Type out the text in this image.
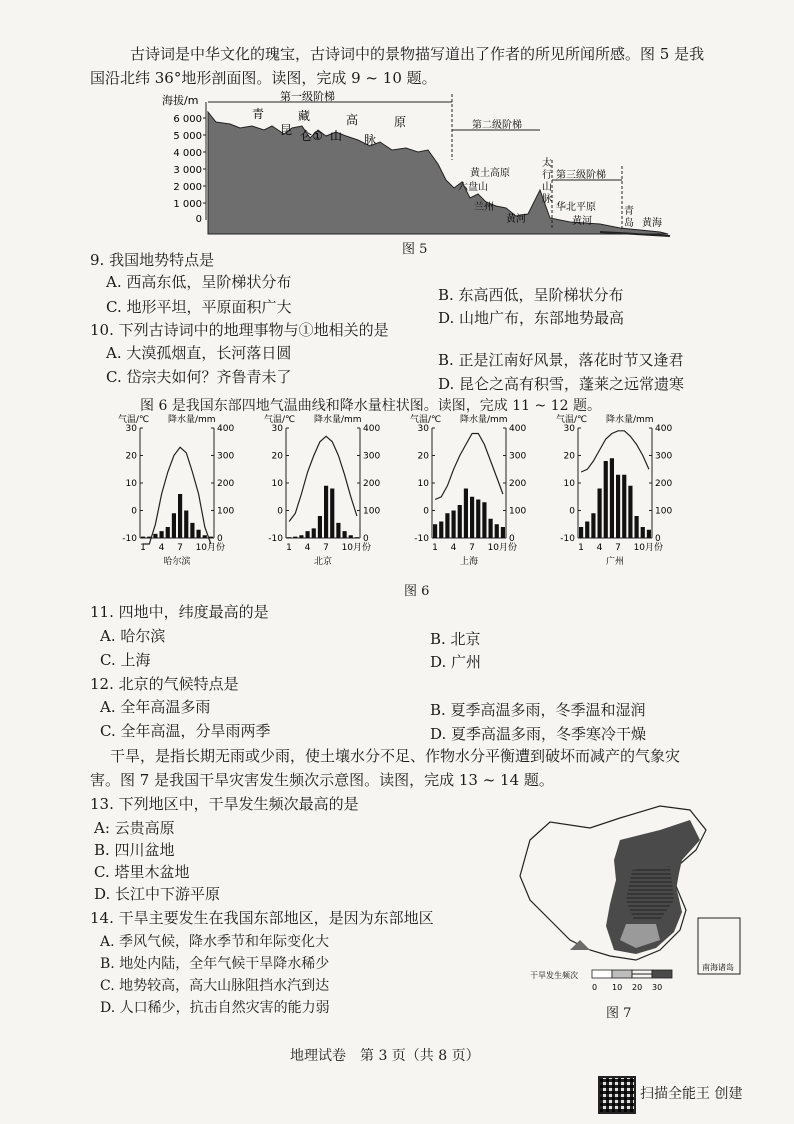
古诗词是中华文化的瑰宝，古诗词中的景物描写道出了作者的所见所闻所感。图 5 是我
国沿北纬 36°地形剖面图。读图，完成 9 ~ 10 题。
海拔/m
6 000
5 000
4 000
3 000
2 000
1 000
0
第一级阶梯
第二级阶梯
第三级阶梯
青	藏	高	原
昆 仑 ① 山 脉
黄土高原
六盘山
兰州
黄河
太
行
山
脉
华北平原
黄河
青
岛 黄海
图 5
9. 我国地势特点是
A. 西高东低，呈阶梯状分布
B. 东高西低，呈阶梯状分布
C. 地形平坦，平原面积广大
D. 山地广布，东部地势最高
10. 下列古诗词中的地理事物与①地相关的是
A. 大漠孤烟直，长河落日圆	B. 正是江南好风景，落花时节又逢君
C. 岱宗夫如何？齐鲁青未了	D. 昆仑之高有积雪，蓬莱之远常遗寒
图 6 是我国东部四地气温曲线和降水量柱状图。读图，完成 11 ~ 12 题。
气温/℃ 降水量/mm
30	400
20	300
10	200
0	100
-10	0
1 4 7 10月份
哈尔滨
气温/℃ 降水量/mm
30	400
20	300
10	200
0	100
-10	0
1 4 7 10月份
北京
气温/℃ 降水量/mm
30	400
20	300
10	200
0	100
-10	0
1 4 7 10月份
上海
气温/℃ 降水量/mm
30	400
20	300
10	200
0	100
-10	0
1 4 7 10月份
广州
图 6
11. 四地中，纬度最高的是
A. 哈尔滨	B. 北京
C. 上海	D. 广州
12. 北京的气候特点是
A. 全年高温多雨	B. 夏季高温多雨，冬季温和湿润
C. 全年高温，分旱雨两季	D. 夏季高温多雨，冬季寒冷干燥
干旱，是指长期无雨或少雨，使土壤水分不足、作物水分平衡遭到破坏而减产的气象灾
害。图 7 是我国干旱灾害发生频次示意图。读图，完成 13 ~ 14 题。
13. 下列地区中，干旱发生频次最高的是
A: 云贵高原
B. 四川盆地
C. 塔里木盆地
D. 长江中下游平原
14. 干旱主要发生在我国东部地区，是因为东部地区
A. 季风气候，降水季节和年际变化大
B. 地处内陆，全年气候干旱降水稀少
C. 地势较高，高大山脉阻挡水汽到达
D. 人口稀少，抗击自然灾害的能力弱
南海诸岛
干旱发生频次
0 10 20 30
图 7
地理试卷　第 3 页（共 8 页）
扫描全能王 创建
